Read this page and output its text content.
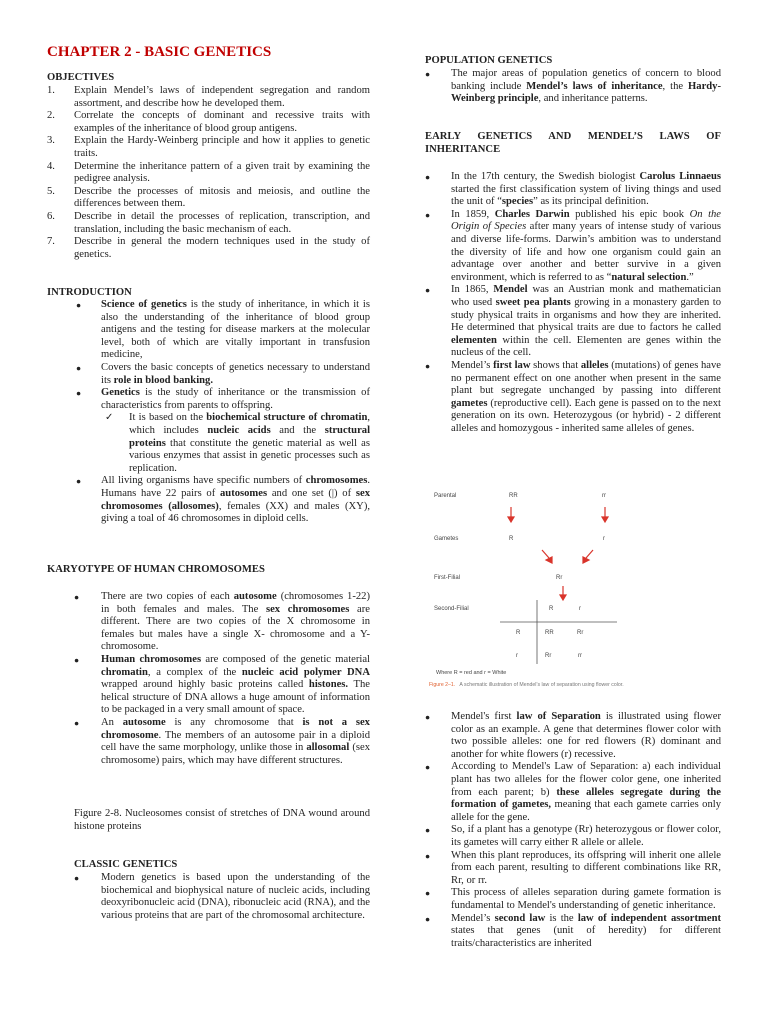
CHAPTER 2 - BASIC GENETICS
OBJECTIVES
1. Explain Mendel’s laws of independent segregation and random assortment, and describe how he developed them.
2. Correlate the concepts of dominant and recessive traits with examples of the inheritance of blood group antigens.
3. Explain the Hardy-Weinberg principle and how it applies to genetic traits.
4. Determine the inheritance pattern of a given trait by examining the pedigree analysis.
5. Describe the processes of mitosis and meiosis, and outline the differences between them.
6. Describe in detail the processes of replication, transcription, and translation, including the basic mechanism of each.
7. Describe in general the modern techniques used in the study of genetics.
INTRODUCTION
● Science of genetics is the study of inheritance, in which it is also the understanding of the inheritance of blood group antigens and the testing for disease markers at the molecular level, both of which are vitally important in transfusion medicine,
● Covers the basic concepts of genetics necessary to understand its role in blood banking.
● Genetics is the study of inheritance or the transmission of characteristics from parents to offspring.
✓ It is based on the biochemical structure of chromatin, which includes nucleic acids and the structural proteins that constitute the genetic material as well as various enzymes that assist in genetic processes such as replication.
● All living organisms have specific numbers of chromosomes. Humans have 22 pairs of autosomes and one set (|) of sex chromosomes (allosomes), females (XX) and males (XY), giving a toal of 46 chromosomes in diploid cells.
KARYOTYPE OF HUMAN CHROMOSOMES
● There are two copies of each autosome (chromosomes 1-22) in both females and males. The sex chromosomes are different. There are two copies of the X chromosome in females but males have a single X- chromosome and a Y-chromosome.
● Human chromosomes are composed of the genetic material chromatin, a complex of the nucleic acid polymer DNA wrapped around highly basic proteins called histones. The helical structure of DNA allows a huge amount of information to be packaged in a very small amount of space.
● An autosome is any chromosome that is not a sex chromosome. The members of an autosome pair in a diploid cell have the same morphology, unlike those in allosomal (sex chromosome) pairs, which may have different structures.
Figure 2-8. Nucleosomes consist of stretches of DNA wound around histone proteins
CLASSIC GENETICS
● Modern genetics is based upon the understanding of the biochemical and biophysical nature of nucleic acids, including deoxyribonucleic acid (DNA), ribonucleic acid (RNA), and the various proteins that are part of the chromosomal architecture.
POPULATION GENETICS
● The major areas of population genetics of concern to blood banking include Mendel’s laws of inheritance, the Hardy-Weinberg principle, and inheritance patterns.
EARLY GENETICS AND MENDEL’S LAWS OF INHERITANCE
● In the 17th century, the Swedish biologist Carolus Linnaeus started the first classification system of living things and used the unit of “species” as its principal definition.
● In 1859, Charles Darwin published his epic book On the Origin of Species after many years of intense study of various and diverse life-forms. Darwin’s ambition was to understand the diversity of life and how one organism could gain an advantage over another and better survive in a given environment, which is referred to as “natural selection.”
● In 1865, Mendel was an Austrian monk and mathematician who used sweet pea plants growing in a monastery garden to study physical traits in organisms and how they are inherited. He determined that physical traits are due to factors he called elementen within the cell. Elementen are genes within the nucleus of the cell.
● Mendel’s first law shows that alleles (mutations) of genes have no permanent effect on one another when present in the same plant but segregate unchanged by passing into different gametes (reproductive cell). Each gene is passed on to the next generation on its own. Heterozygous (or hybrid) - 2 different alleles and homozygous - inherited same alleles of genes.
Parental	RR	rr
Gametes	R	r
First-Filial	Rr
Second-Filial	R	r
R	RR	Rr
r	Rr	rr
Where R = red and r = White
Figure 2–1. A schematic illustration of Mendel’s law of separation using flower color.
● Mendel's first law of Separation is illustrated using flower color as an example. A gene that determines flower color with two possible alleles: one for red flowers (R) dominant and another for white flowers (r) recessive.
● According to Mendel's Law of Separation: a) each individual plant has two alleles for the flower color gene, one inherited from each parent; b) these alleles segregate during the formation of gametes, meaning that each gamete carries only allele for the gene.
● So, if a plant has a genotype (Rr) heterozygous or flower color, its gametes will carry either R allele or allele.
● When this plant reproduces, its offspring will inherit one allele from each parent, resulting to different combinations like RR, Rr, or rr.
● This process of alleles separation during gamete formation is fundamental to Mendel's understanding of genetic inheritance.
● Mendel’s second law is the law of independent assortment states that genes (unit of heredity) for different traits/characteristics are inherited
